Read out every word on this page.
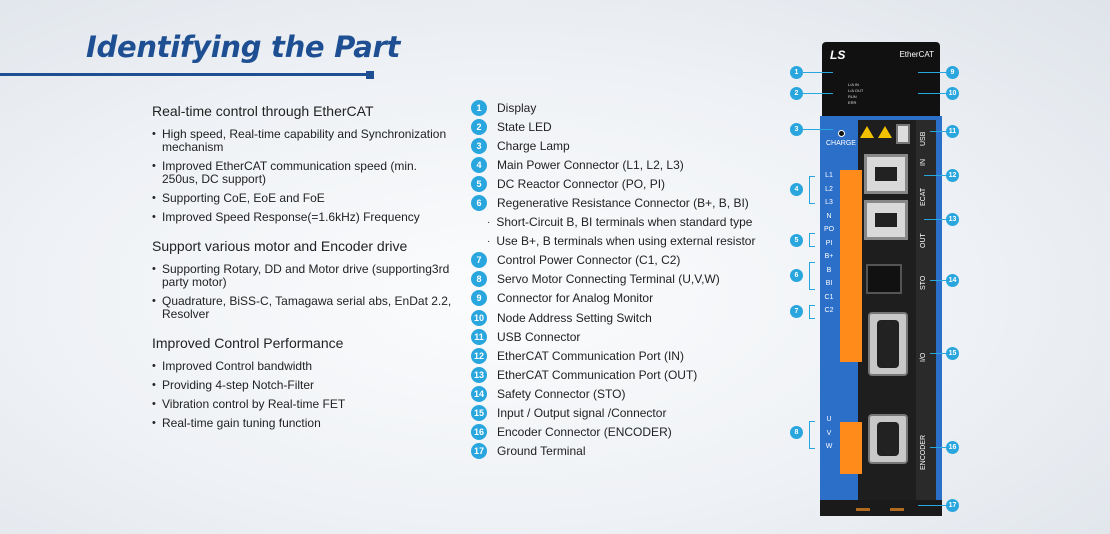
Identifying the Part
Real-time control through EtherCAT
• High speed, Real-time capability and Synchronization mechanism
• Improved EtherCAT communication speed (min. 250us, DC support)
• Supporting CoE, EoE and FoE
• Improved Speed Response(=1.6kHz) Frequency
Support various motor and Encoder drive
• Supporting Rotary, DD and Motor drive (supporting3rd party motor)
• Quadrature, BiSS-C, Tamagawa serial abs, EnDat 2.2, Resolver
Improved Control Performance
• Improved Control bandwidth
• Providing 4-step Notch-Filter
• Vibration control by Real-time FET
• Real-time gain tuning function
1	Display
2	State LED
3	Charge Lamp
4	Main Power Connector (L1, L2, L3)
5	DC Reactor Connector (PO, PI)
6	Regenerative Resistance Connector (B+, B, BI)
· Short-Circuit B, BI terminals when standard type
· Use B+, B terminals when using external resistor
7	Control Power Connector (C1, C2)
8	Servo Motor Connecting Terminal (U,V,W)
9	Connector for Analog Monitor
10 Node Address Setting Switch
11 USB Connector
12 EtherCAT Communication Port (IN)
13 EtherCAT Communication Port (OUT)
14 Safety Connector (STO)
15 Input / Output signal /Connector
16 Encoder Connector (ENCODER)
17 Ground Terminal
LS	EtherCAT
L/A IN
L/A OUT
RUN
ERR
CHARGE
L1
L2
L3
N
PO
PI
B+
B
BI
C1
C2
U
V
W
USB
IN
ECAT
OUT
STO
I/O
ENCODER
1
2
3
4
5
6
7
8
9
10
11
12
13
14
15
16
17
